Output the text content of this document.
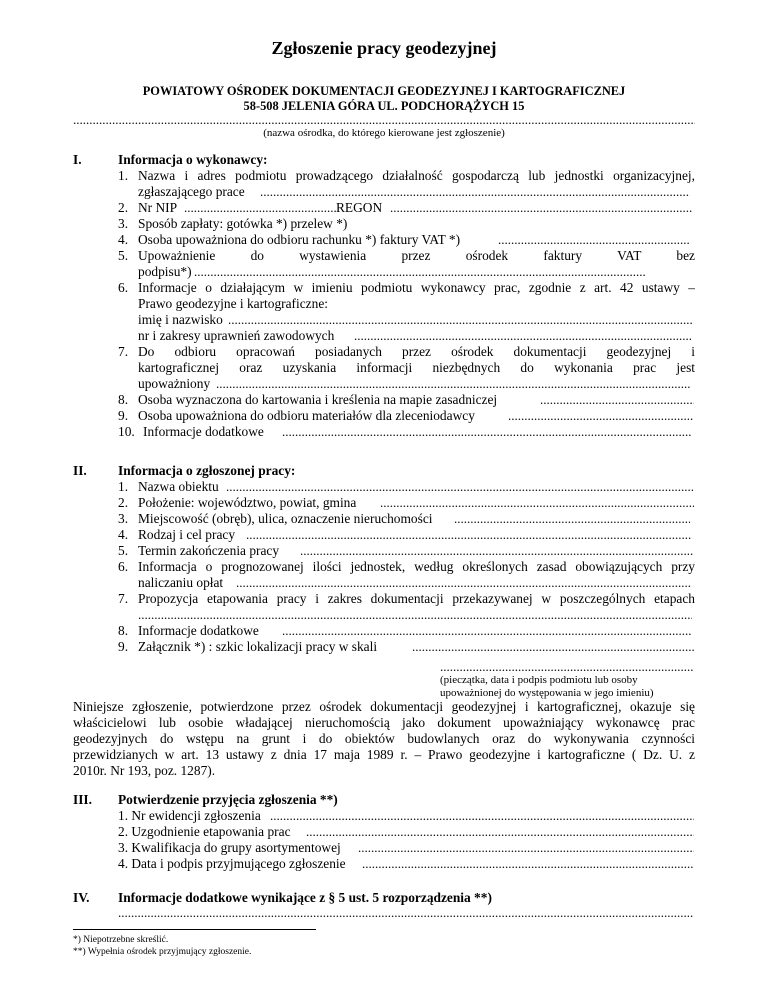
Zgłoszenie pracy geodezyjnej
POWIATOWY OŚRODEK DOKUMENTACJI GEODEZYJNEJ I KARTOGRAFICZNEJ
58-508 JELENIA GÓRA UL. PODCHORĄŻYCH 15
.....
(nazwa ośrodka, do którego kierowane jest zgłoszenie)
I.	Informacja o wykonawcy:
1. Nazwa i adres podmiotu prowadzącego działalność gospodarczą lub jednostki organizacyjnej,
zgłaszającego prace
.....
2. Nr NIP
.....	REGON
.....
3. Sposób zapłaty: gotówka *) przelew *)
4. Osoba upoważniona do odbioru rachunku *) faktury VAT *)
.....
5. Upoważnienie do wystawienia przez ośrodek faktury VAT bez
podpisu*)
.....
6. Informacje o działającym w imieniu podmiotu wykonawcy prac, zgodnie z art. 42 ustawy –
Prawo geodezyjne i kartograficzne:
imię i nazwisko
.....
nr i zakresy uprawnień zawodowych
.....
7. Do odbioru opracowań posiadanych przez ośrodek dokumentacji geodezyjnej i
kartograficznej oraz uzyskania informacji niezbędnych do wykonania prac jest
upoważniony
.....
8. Osoba wyznaczona do kartowania i kreślenia na mapie zasadniczej
.....
9. Osoba upoważniona do odbioru materiałów dla zleceniodawcy
.....
10. Informacje dodatkowe
.....
II. Informacja o zgłoszonej pracy:
1. Nazwa obiektu
.....
2. Położenie: województwo, powiat, gmina
.....
3. Miejscowość (obręb), ulica, oznaczenie nieruchomości
.....
4. Rodzaj i cel pracy
.....
5. Termin zakończenia pracy
.....
6. Informacja o prognozowanej ilości jednostek, według określonych zasad obowiązujących przy
naliczaniu opłat
.....
7. Propozycja etapowania pracy i zakres dokumentacji przekazywanej w poszczególnych etapach
.....
8. Informacje dodatkowe
.....
9. Załącznik *) : szkic lokalizacji pracy w skali
.....
.....
(pieczątka, data i podpis podmiotu lub osoby
upoważnionej do występowania w jego imieniu)
Niniejsze zgłoszenie, potwierdzone przez ośrodek dokumentacji geodezyjnej i kartograficznej, okazuje się
właścicielowi lub osobie władającej nieruchomością jako dokument upoważniający wykonawcę prac
geodezyjnych do wstępu na grunt i do obiektów budowlanych oraz do wykonywania czynności
przewidzianych w art. 13 ustawy z dnia 17 maja 1989 r. – Prawo geodezyjne i kartograficzne ( Dz. U. z
2010r. Nr 193, poz. 1287).
III. Potwierdzenie przyjęcia zgłoszenia **)
1. Nr ewidencji zgłoszenia
.....
2. Uzgodnienie etapowania prac
.....
3. Kwalifikacja do grupy asortymentowej
.....
4. Data i podpis przyjmującego zgłoszenie
.....
IV. Informacje dodatkowe wynikające z § 5 ust. 5 rozporządzenia **)
.....
*) Niepotrzebne skreślić.
**) Wypełnia ośrodek przyjmujący zgłoszenie.
